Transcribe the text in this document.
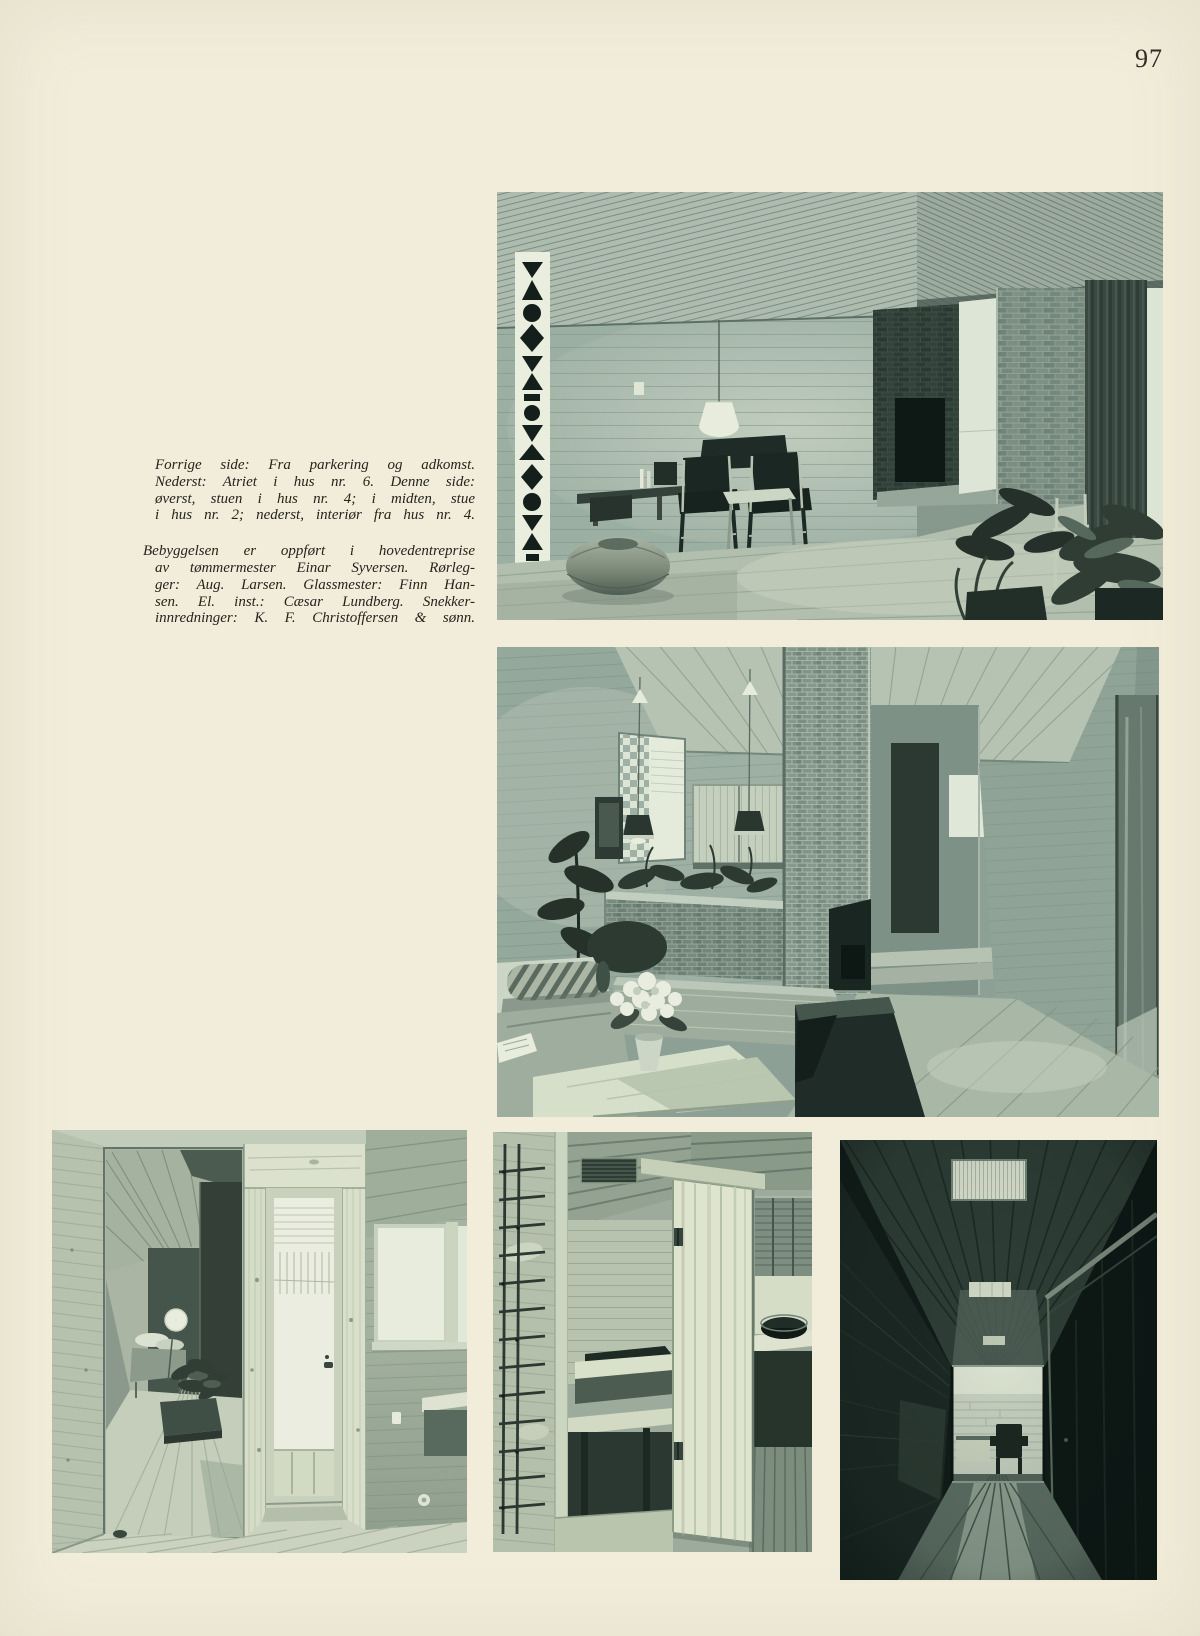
97
Forrige side: Fra parkering og adkomst.
Nederst: Atriet i hus nr. 6. Denne side:
øverst, stuen i hus nr. 4; i midten, stue
i hus nr. 2; nederst, interiør fra hus nr. 4.
Bebyggelsen er oppført i hovedentreprise
av tømmermester Einar Syversen. Rørleg-
ger: Aug. Larsen. Glassmester: Finn Han-
sen. El. inst.: Cæsar Lundberg. Snekker-
innredninger: K. F. Christoffersen & sønn.
